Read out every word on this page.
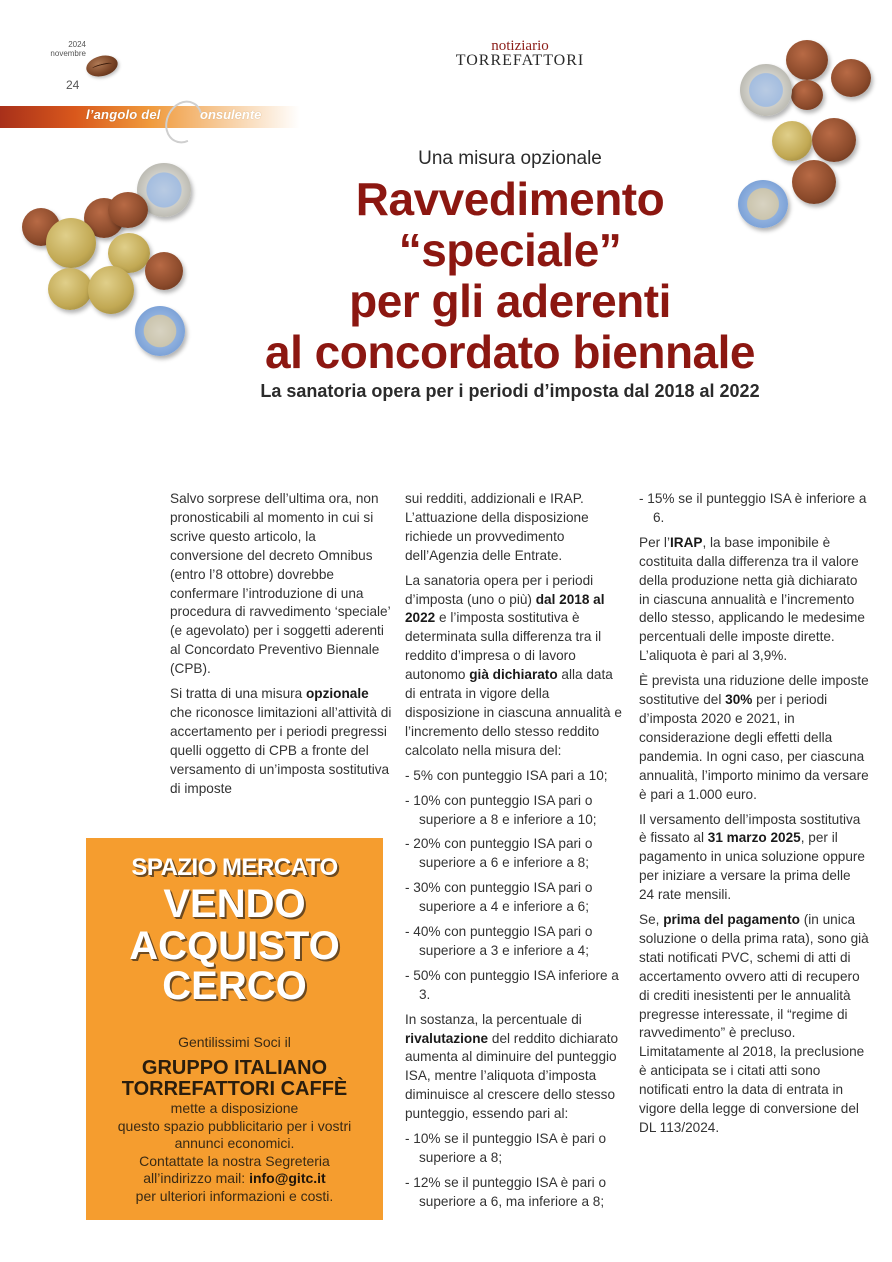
2024
novembre
24
notiziario
TORREFATTORI
l’angolo del	onsulente
Una misura opzionale
Ravvedimento
“speciale”
per gli aderenti
al concordato biennale
La sanatoria opera per i periodi d’imposta dal 2018 al 2022

Salvo sorprese dell’ultima ora, non pronosticabili al momento in cui si scrive questo articolo, la conversione del decreto Omnibus (entro l’8 ottobre) dovrebbe confermare l’introduzione di una procedura di ravvedimento ‘speciale’ (e agevolato) per i soggetti aderenti al Concordato Preventivo Biennale (CPB).

Si tratta di una misura opzionale che riconosce limitazioni all’attività di accertamento per i periodi pregressi quelli oggetto di CPB a fronte del versamento di un’imposta sostitutiva di imposte

sui redditi, addizionali e IRAP. L’attuazione della disposizione richiede un provvedimento dell’Agenzia delle Entrate.

La sanatoria opera per i periodi d’imposta (uno o più) dal 2018 al 2022 e l’imposta sostitutiva è determinata sulla differenza tra il reddito d’impresa o di lavoro autonomo già dichiarato alla data di entrata in vigore della disposizione in ciascuna annualità e l’incremento dello stesso reddito calcolato nella misura del:

- 5% con punteggio ISA pari a 10;

- 10% con punteggio ISA pari o superiore a 8 e inferiore a 10;

- 20% con punteggio ISA pari o superiore a 6 e inferiore a 8;

- 30% con punteggio ISA pari o superiore a 4 e inferiore a 6;

- 40% con punteggio ISA pari o superiore a 3 e inferiore a 4;

- 50% con punteggio ISA inferiore a 3.

In sostanza, la percentuale di rivalutazione del reddito dichiarato aumenta al diminuire del punteggio ISA, mentre l’aliquota d’imposta diminuisce al crescere dello stesso punteggio, essendo pari al:

- 10% se il punteggio ISA è pari o superiore a 8;

- 12% se il punteggio ISA è pari o superiore a 6, ma inferiore a 8;

- 15% se il punteggio ISA è inferiore a 6.

Per l’IRAP, la base imponibile è costituita dalla differenza tra il valore della produzione netta già dichiarato in ciascuna annualità e l’incremento dello stesso, applicando le medesime percentuali delle imposte dirette. L’aliquota è pari al 3,9%.

È prevista una riduzione delle imposte sostitutive del 30% per i periodi d’imposta 2020 e 2021, in considerazione degli effetti della pandemia. In ogni caso, per ciascuna annualità, l’importo minimo da versare è pari a 1.000 euro.

Il versamento dell’imposta sostitutiva è fissato al 31 marzo 2025, per il pagamento in unica soluzione oppure per iniziare a versare la prima delle 24 rate mensili.

Se, prima del pagamento (in unica soluzione o della prima rata), sono già stati notificati PVC, schemi di atti di accertamento ovvero atti di recupero di crediti inesistenti per le annualità pregresse interessate, il “regime di ravvedimento” è precluso. Limitatamente al 2018, la preclusione è anticipata se i citati atti sono notificati entro la data di entrata in vigore della legge di conversione del DL 113/2024.

SPAZIO MERCATO
VENDO
ACQUISTO
CERCO
Gentilissimi Soci il
GRUPPO ITALIANO
TORREFATTORI CAFFÈ
mette a disposizione
questo spazio pubblicitario per i vostri
annunci economici.
Contattate la nostra Segreteria
all’indirizzo mail: info@gitc.it
per ulteriori informazioni e costi.
